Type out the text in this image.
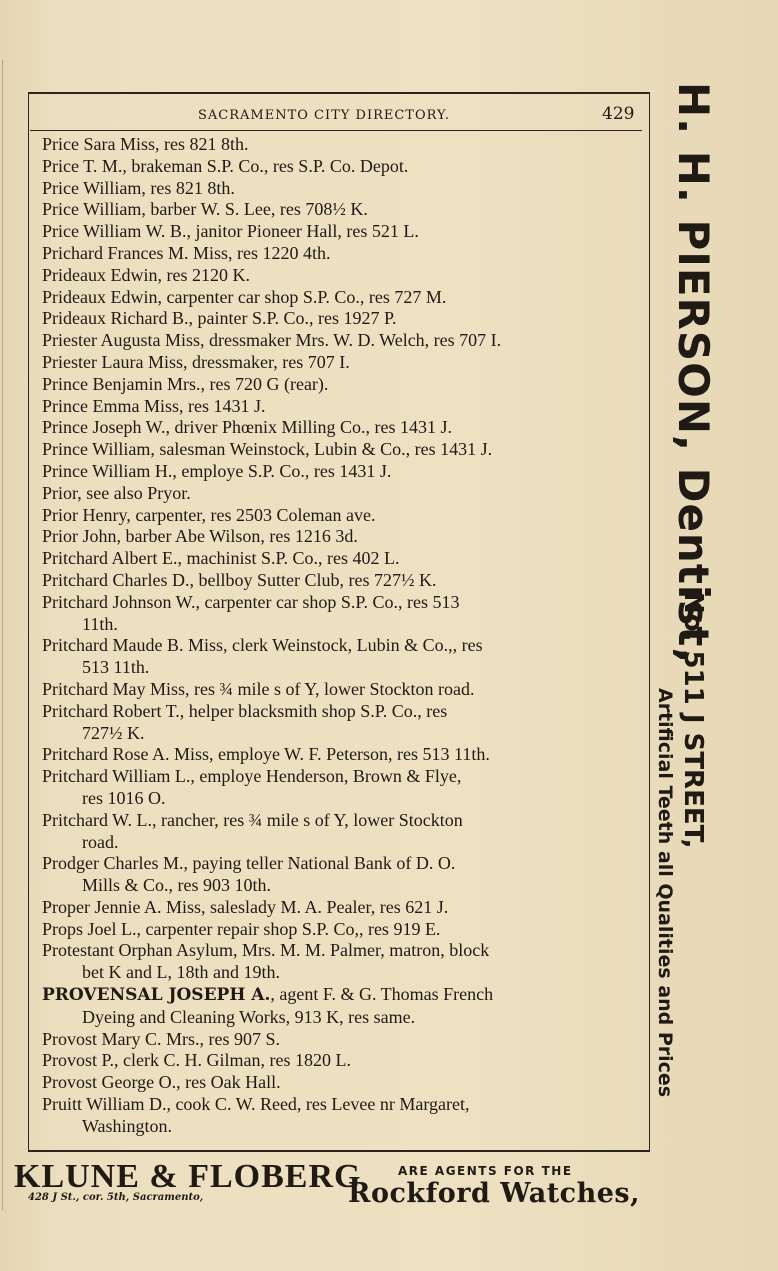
SACRAMENTO CITY DIRECTORY.	429
Price Sara Miss, res 821 8th.
Price T. M., brakeman S.P. Co., res S.P. Co. Depot.
Price William, res 821 8th.
Price William, barber W. S. Lee, res 708½ K.
Price William W. B., janitor Pioneer Hall, res 521 L.
Prichard Frances M. Miss, res 1220 4th.
Prideaux Edwin, res 2120 K.
Prideaux Edwin, carpenter car shop S.P. Co., res 727 M.
Prideaux Richard B., painter S.P. Co., res 1927 P.
Priester Augusta Miss, dressmaker Mrs. W. D. Welch, res 707 I.
Priester Laura Miss, dressmaker, res 707 I.
Prince Benjamin Mrs., res 720 G (rear).
Prince Emma Miss, res 1431 J.
Prince Joseph W., driver Phœnix Milling Co., res 1431 J.
Prince William, salesman Weinstock, Lubin & Co., res 1431 J.
Prince William H., employe S.P. Co., res 1431 J.
Prior, see also Pryor.
Prior Henry, carpenter, res 2503 Coleman ave.
Prior John, barber Abe Wilson, res 1216 3d.
Pritchard Albert E., machinist S.P. Co., res 402 L.
Pritchard Charles D., bellboy Sutter Club, res 727½ K.
Pritchard Johnson W., carpenter car shop S.P. Co., res 513
11th.
Pritchard Maude B. Miss, clerk Weinstock, Lubin & Co.,, res
513 11th.
Pritchard May Miss, res ¾ mile s of Y, lower Stockton road.
Pritchard Robert T., helper blacksmith shop S.P. Co., res
727½ K.
Pritchard Rose A. Miss, employe W. F. Peterson, res 513 11th.
Pritchard William L., employe Henderson, Brown & Flye,
res 1016 O.
Pritchard W. L., rancher, res ¾ mile s of Y, lower Stockton
road.
Prodger Charles M., paying teller National Bank of D. O.
Mills & Co., res 903 10th.
Proper Jennie A. Miss, saleslady M. A. Pealer, res 621 J.
Props Joel L., carpenter repair shop S.P. Co,, res 919 E.
Protestant Orphan Asylum, Mrs. M. M. Palmer, matron, block
bet K and L, 18th and 19th.
PROVENSAL JOSEPH A., agent F. & G. Thomas French
Dyeing and Cleaning Works, 913 K, res same.
Provost Mary C. Mrs., res 907 S.
Provost P., clerk C. H. Gilman, res 1820 L.
Provost George O., res Oak Hall.
Pruitt William D., cook C. W. Reed, res Levee nr Margaret,
Washington.
H. H. PIERSON, Dentist,
No. 511 J STREET,
Artificial Teeth all Qualities and Prices
KLUNE & FLOBERG
428 J St., cor. 5th, Sacramento,
ARE AGENTS FOR THE
Rockford Watches,
